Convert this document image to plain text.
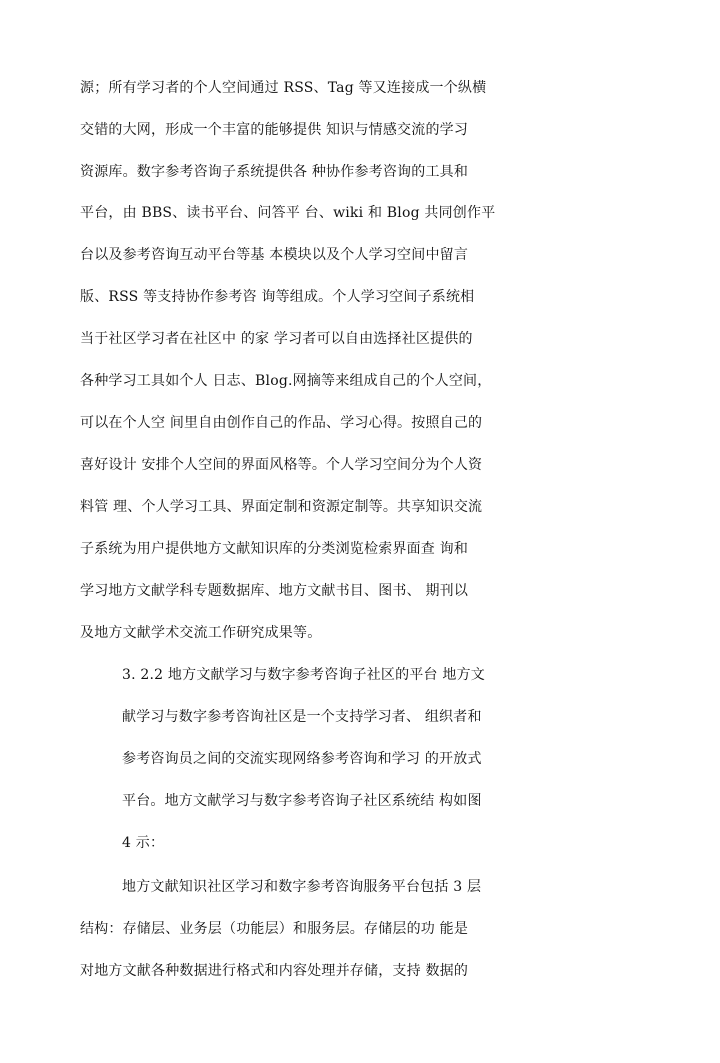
源；所有学习者的个人空间通过 RSS、Tag 等又连接成一个纵横
交错的大网，形成一个丰富的能够提供 知识与情感交流的学习
资源库。数字参考咨询子系统提供各 种协作参考咨询的工具和
平台，由 BBS、读书平台、问答平 台、wiki 和 Blog 共同创作平
台以及参考咨询互动平台等基 本模块以及个人学习空间中留言
版、RSS 等支持协作参考咨 询等组成。个人学习空间子系统相
当于社区学习者在社区中 的家 学习者可以自由选择社区提供的
各种学习工具如个人 日志、Blog.网摘等来组成自己的个人空间，
可以在个人空 间里自由创作自己的作品、学习心得。按照自己的
喜好设计 安排个人空间的界面风格等。个人学习空间分为个人资
料管 理、个人学习工具、界面定制和资源定制等。共享知识交流
子系统为用户提供地方文献知识库的分类浏览检索界面查 询和
学习地方文献学科专题数据库、地方文献书目、图书、 期刊以
及地方文献学术交流工作研究成果等。
3. 2.2 地方文献学习与数字参考咨询子社区的平台 地方文
献学习与数字参考咨询社区是一个支持学习者、 组织者和
参考咨询员之间的交流实现网络参考咨询和学习 的开放式
平台。地方文献学习与数字参考咨询子社区系统结 构如图
4 示：
地方文献知识社区学习和数字参考咨询服务平台包括 3 层
结构：存储层、业务层（功能层）和服务层。存储层的功 能是
对地方文献各种数据进行格式和内容处理并存储，支持 数据的
